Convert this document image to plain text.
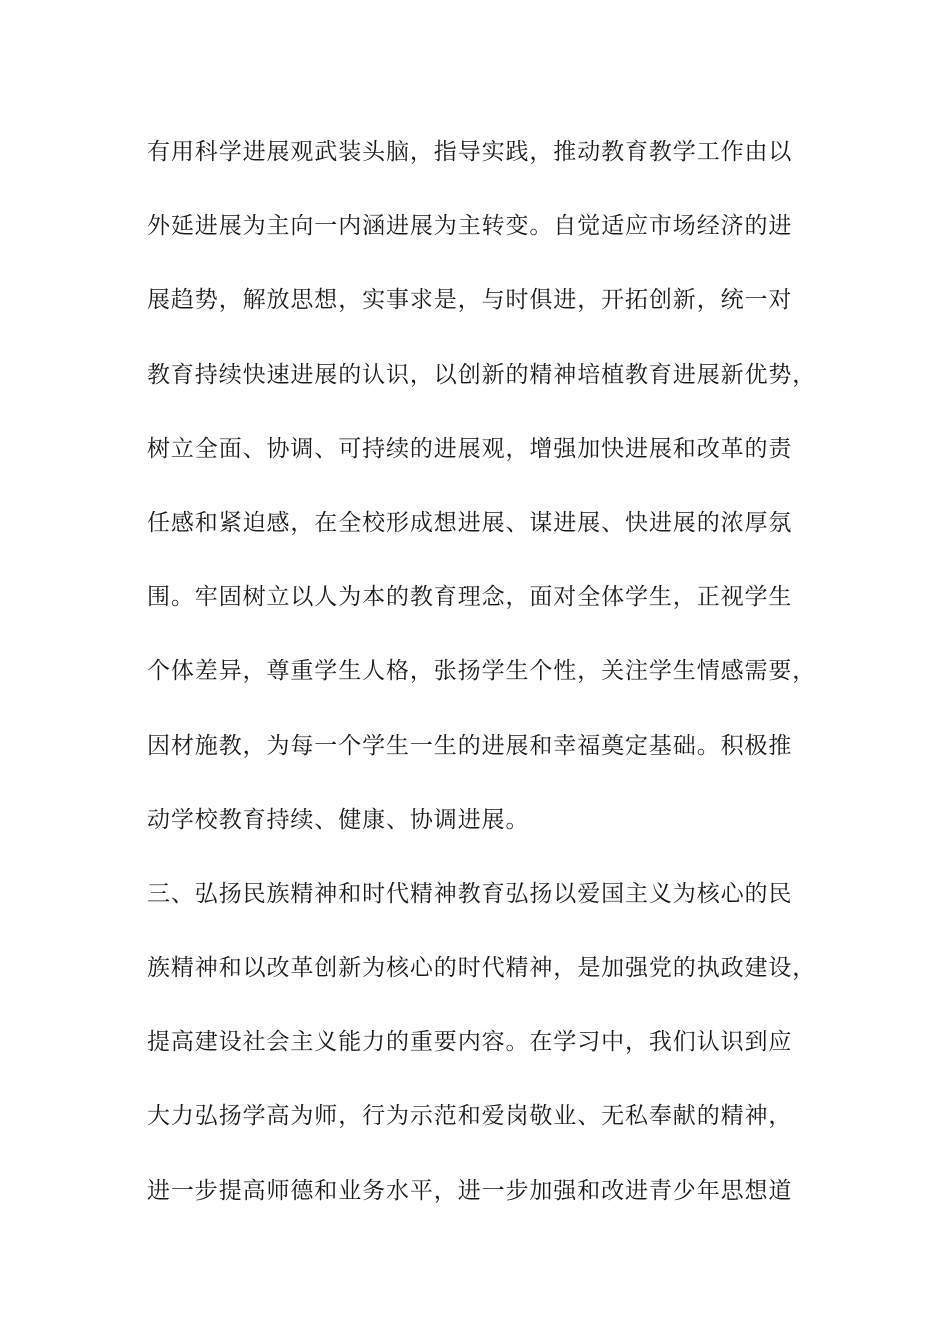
有用科学进展观武装头脑，指导实践，推动教育教学工作由以
外延进展为主向一内涵进展为主转变。自觉适应市场经济的进
展趋势，解放思想，实事求是，与时俱进，开拓创新，统一对
教育持续快速进展的认识，以创新的精神培植教育进展新优势，
树立全面、协调、可持续的进展观，增强加快进展和改革的责
任感和紧迫感，在全校形成想进展、谋进展、快进展的浓厚氛
围。牢固树立以人为本的教育理念，面对全体学生，正视学生
个体差异，尊重学生人格，张扬学生个性，关注学生情感需要，
因材施教，为每一个学生一生的进展和幸福奠定基础。积极推
动学校教育持续、健康、协调进展。
三、弘扬民族精神和时代精神教育弘扬以爱国主义为核心的民
族精神和以改革创新为核心的时代精神，是加强党的执政建设，
提高建设社会主义能力的重要内容。在学习中，我们认识到应
大力弘扬学高为师，行为示范和爱岗敬业、无私奉献的精神，
进一步提高师德和业务水平，进一步加强和改进青少年思想道
